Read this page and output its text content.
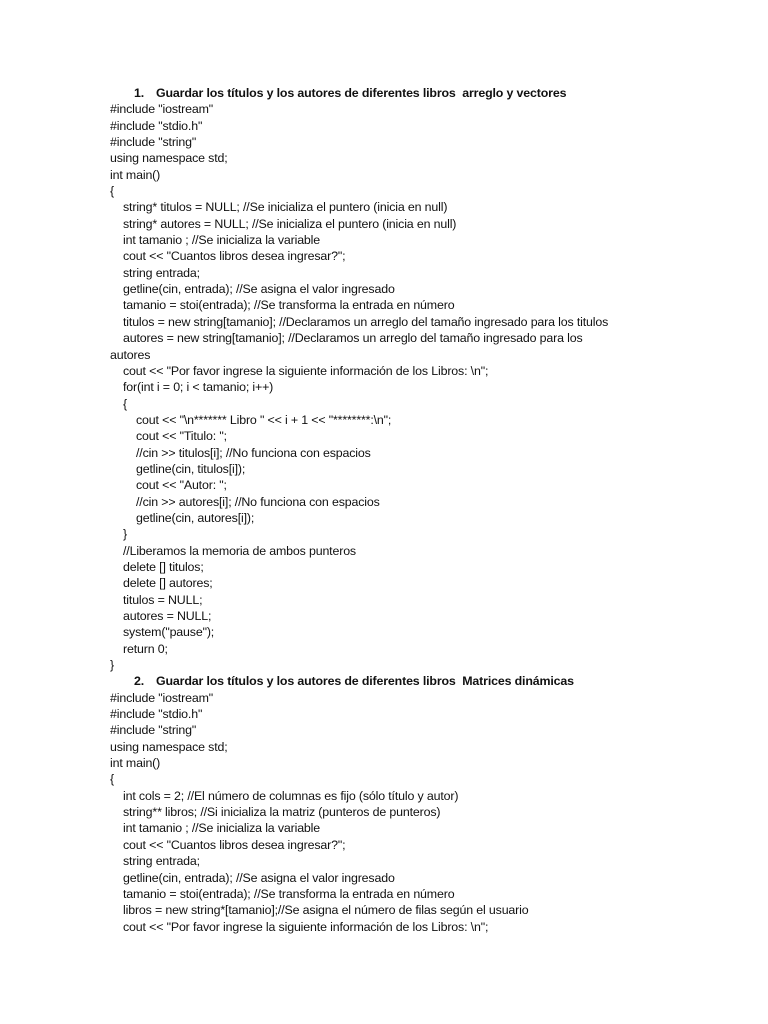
1.

Guardar los títulos y los autores de diferentes libros  arreglo y vectores

#include "iostream"
#include "stdio.h"
#include "string"
using namespace std;
int main()
{
string* titulos = NULL; //Se inicializa el puntero (inicia en null)
string* autores = NULL; //Se inicializa el puntero (inicia en null)
int tamanio ; //Se inicializa la variable
cout << "Cuantos libros desea ingresar?";
string entrada;
getline(cin, entrada); //Se asigna el valor ingresado
tamanio = stoi(entrada); //Se transforma la entrada en número
titulos = new string[tamanio]; //Declaramos un arreglo del tamaño ingresado para los titulos
autores = new string[tamanio]; //Declaramos un arreglo del tamaño ingresado para los
autores
cout << "Por favor ingrese la siguiente información de los Libros: \n";
for(int i = 0; i < tamanio; i++)
{
cout << "\n******* Libro " << i + 1 << "********:\n";
cout << "Titulo: ";
//cin >> titulos[i]; //No funciona con espacios
getline(cin, titulos[i]);
cout << "Autor: ";
//cin >> autores[i]; //No funciona con espacios
getline(cin, autores[i]);
}
//Liberamos la memoria de ambos punteros
delete [] titulos;
delete [] autores;
titulos = NULL;
autores = NULL;
system("pause");
return 0;
}

2.

Guardar los títulos y los autores de diferentes libros  Matrices dinámicas

#include "iostream"
#include "stdio.h"
#include "string"
using namespace std;
int main()
{
int cols = 2; //El número de columnas es fijo (sólo título y autor)
string** libros; //Si inicializa la matriz (punteros de punteros)
int tamanio ; //Se inicializa la variable
cout << "Cuantos libros desea ingresar?";
string entrada;
getline(cin, entrada); //Se asigna el valor ingresado
tamanio = stoi(entrada); //Se transforma la entrada en número
libros = new string*[tamanio];//Se asigna el número de filas según el usuario
cout << "Por favor ingrese la siguiente información de los Libros: \n";
